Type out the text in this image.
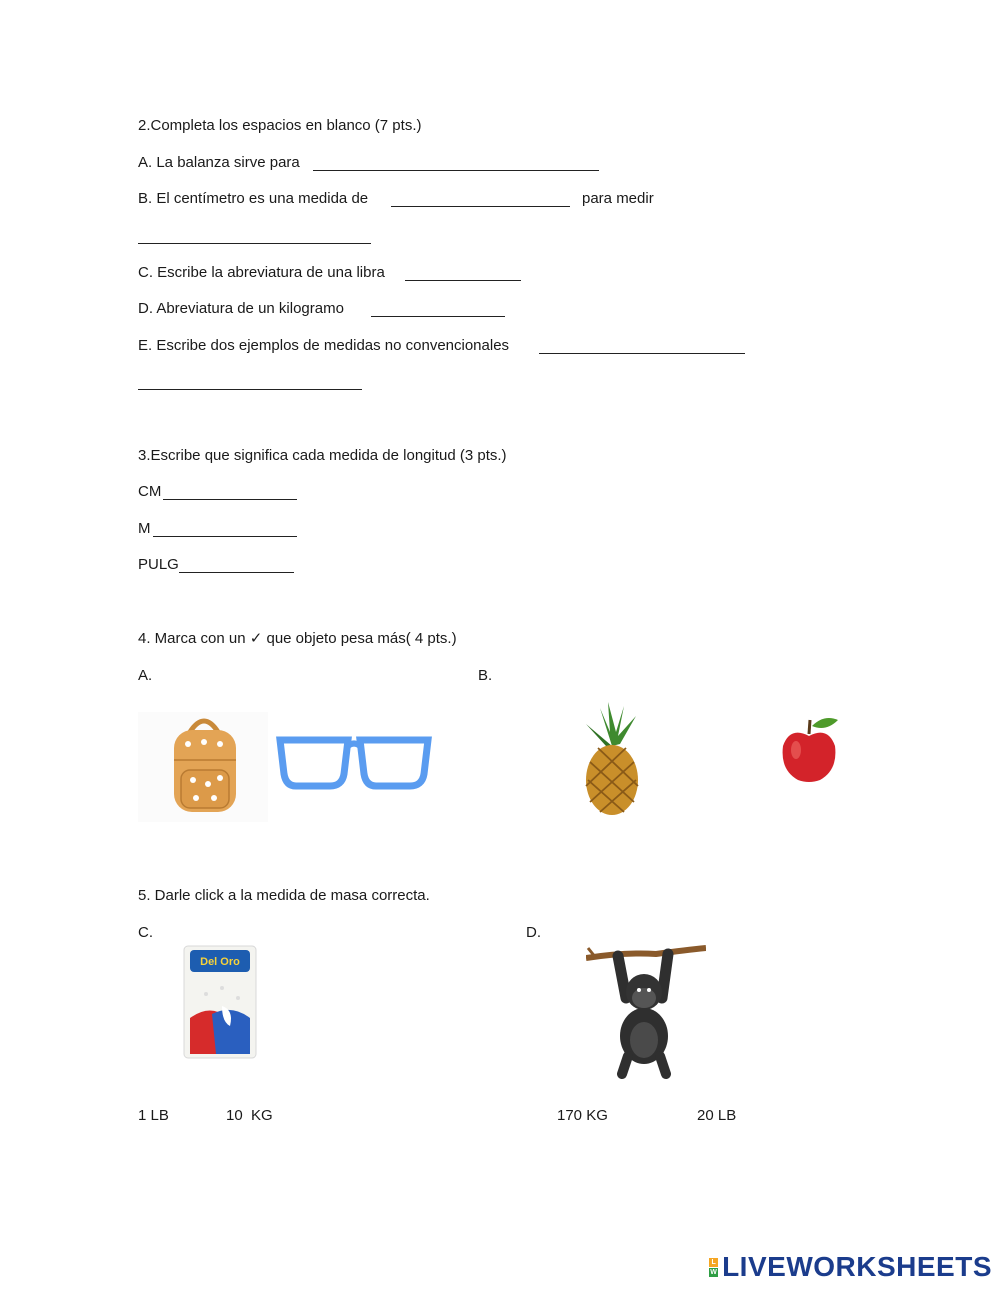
2.Completa los espacios en blanco (7 pts.)
A. La balanza sirve para
B. El centímetro es una medida de	para medir
C. Escribe la abreviatura de una libra
D. Abreviatura de un kilogramo
E. Escribe dos ejemplos de medidas no convencionales
3.Escribe que significa cada medida de longitud (3 pts.)
CM
M
PULG
4. Marca con un ✓ que objeto pesa más( 4 pts.)
A.	B.
5. Darle click a la medida de masa correcta.
C.	D.
Del Oro
1 LB	10  KG	170 KG	20 LB
L
W LIVEWORKSHEETS
